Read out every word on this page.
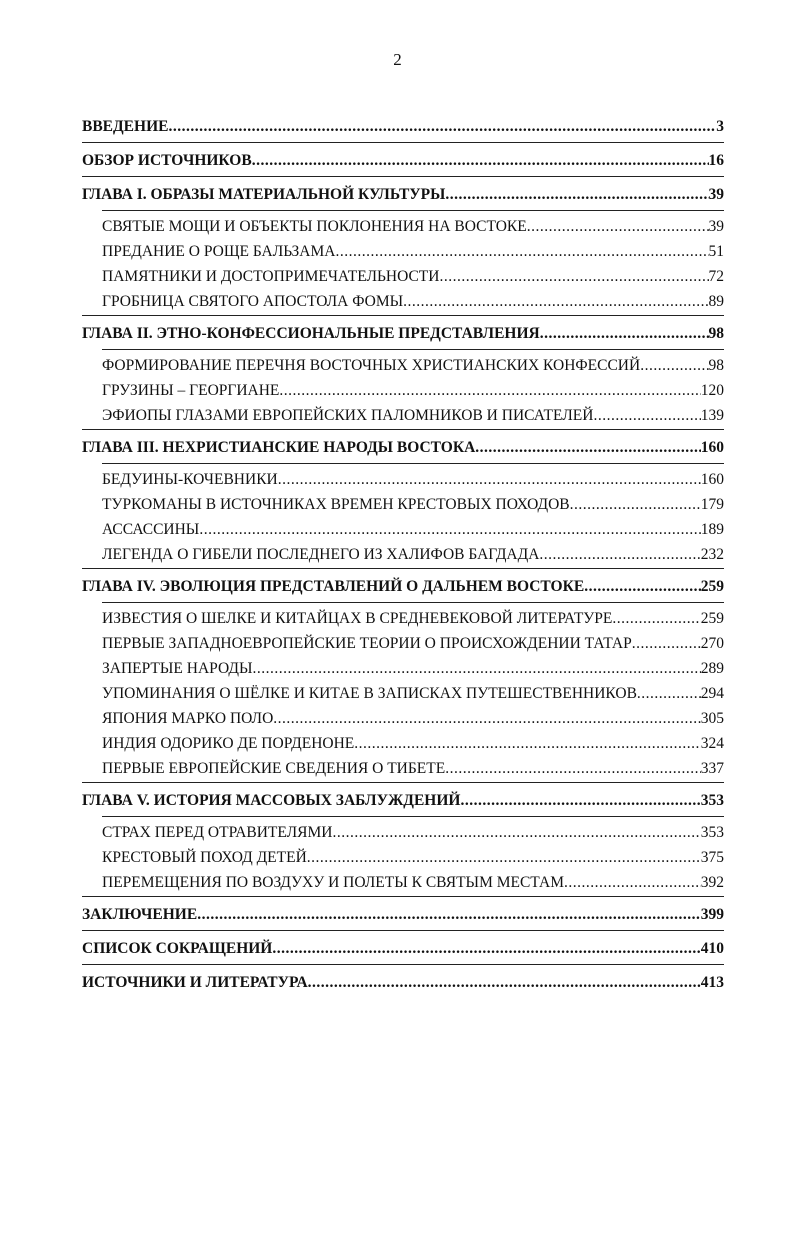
2
ВВЕДЕНИЕ .....	3
ОБЗОР ИСТОЧНИКОВ .....	16
ГЛАВА I. ОБРАЗЫ МАТЕРИАЛЬНОЙ КУЛЬТУРЫ .....	39
СВЯТЫЕ МОЩИ И ОБЪЕКТЫ ПОКЛОНЕНИЯ НА ВОСТОКЕ .....	39
ПРЕДАНИЕ О РОЩЕ БАЛЬЗАМА .....	51
ПАМЯТНИКИ И ДОСТОПРИМЕЧАТЕЛЬНОСТИ .....	72
ГРОБНИЦА СВЯТОГО АПОСТОЛА ФОМЫ .....	89
ГЛАВА II. ЭТНО-КОНФЕССИОНАЛЬНЫЕ ПРЕДСТАВЛЕНИЯ .....	98
ФОРМИРОВАНИЕ ПЕРЕЧНЯ ВОСТОЧНЫХ ХРИСТИАНСКИХ КОНФЕССИЙ .....	98
ГРУЗИНЫ – ГЕОРГИАНЕ .....	120
ЭФИОПЫ ГЛАЗАМИ ЕВРОПЕЙСКИХ ПАЛОМНИКОВ И ПИСАТЕЛЕЙ .....	139
ГЛАВА III. НЕХРИСТИАНСКИЕ НАРОДЫ ВОСТОКА .....	160
БЕДУИНЫ-КОЧЕВНИКИ .....	160
ТУРКОМАНЫ В ИСТОЧНИКАХ ВРЕМЕН КРЕСТОВЫХ ПОХОДОВ .....	179
АССАССИНЫ .....	189
ЛЕГЕНДА О ГИБЕЛИ ПОСЛЕДНЕГО ИЗ ХАЛИФОВ БАГДАДА .....	232
ГЛАВА IV. ЭВОЛЮЦИЯ ПРЕДСТАВЛЕНИЙ О ДАЛЬНЕМ ВОСТОКЕ .....	259
ИЗВЕСТИЯ О ШЕЛКЕ И КИТАЙЦАХ В СРЕДНЕВЕКОВОЙ ЛИТЕРАТУРЕ .....	259
ПЕРВЫЕ ЗАПАДНОЕВРОПЕЙСКИЕ ТЕОРИИ О ПРОИСХОЖДЕНИИ ТАТАР .....	270
ЗАПЕРТЫЕ НАРОДЫ .....	289
УПОМИНАНИЯ О ШЁЛКЕ И КИТАЕ В ЗАПИСКАХ ПУТЕШЕСТВЕННИКОВ .....	294
ЯПОНИЯ МАРКО ПОЛО .....	305
ИНДИЯ ОДОРИКО ДЕ ПОРДЕНОНЕ .....	324
ПЕРВЫЕ ЕВРОПЕЙСКИЕ СВЕДЕНИЯ О ТИБЕТЕ .....	337
ГЛАВА V. ИСТОРИЯ МАССОВЫХ ЗАБЛУЖДЕНИЙ .....	353
СТРАХ ПЕРЕД ОТРАВИТЕЛЯМИ .....	353
КРЕСТОВЫЙ ПОХОД ДЕТЕЙ .....	375
ПЕРЕМЕЩЕНИЯ ПО ВОЗДУХУ И ПОЛЕТЫ К СВЯТЫМ МЕСТАМ .....	392
ЗАКЛЮЧЕНИЕ .....	399
СПИСОК СОКРАЩЕНИЙ .....	410
ИСТОЧНИКИ И ЛИТЕРАТУРА .....	413
